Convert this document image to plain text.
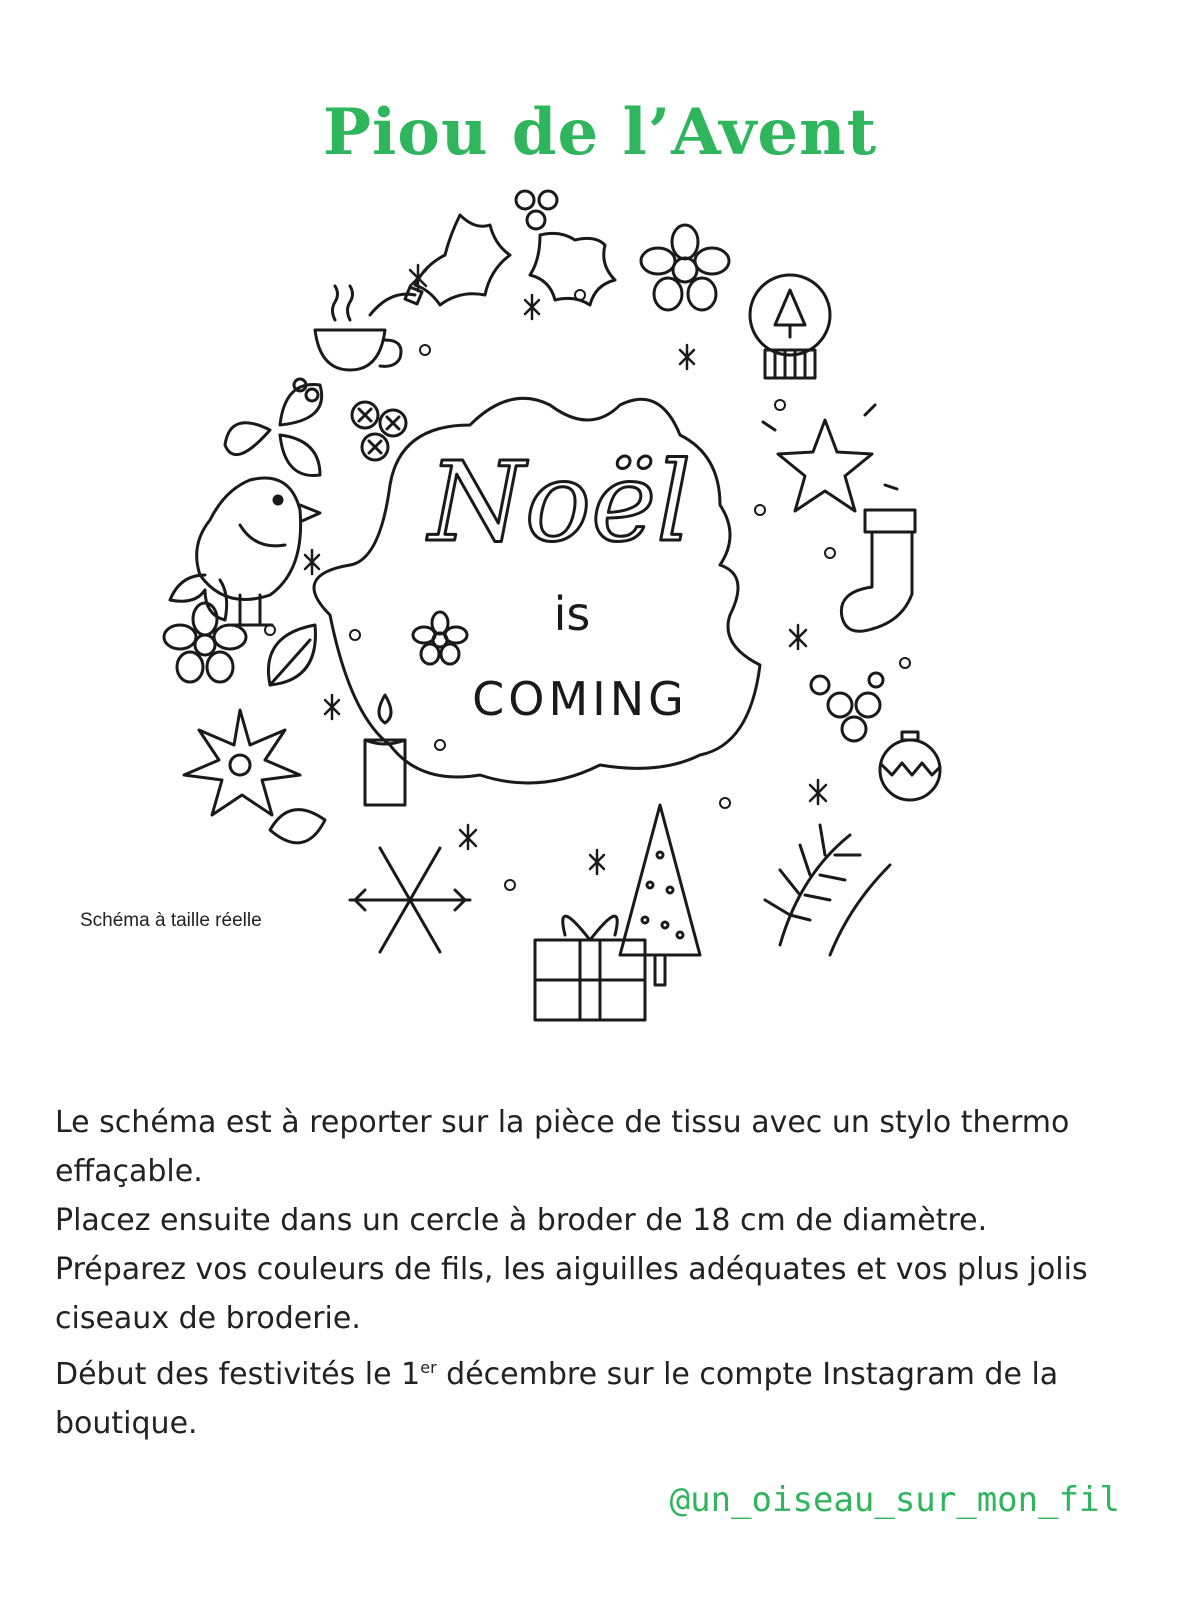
Piou de l’Avent
Noël
is
COMING
Schéma à taille réelle

Le schéma est à reporter sur la pièce de tissu avec un stylo thermo effaçable.

Placez ensuite dans un cercle à broder de 18 cm de diamètre.

Préparez vos couleurs de fils, les aiguilles adéquates et vos plus jolis ciseaux de broderie.

Début des festivités le 1er décembre sur le compte Instagram de la boutique.

@un_oiseau_sur_mon_fil
